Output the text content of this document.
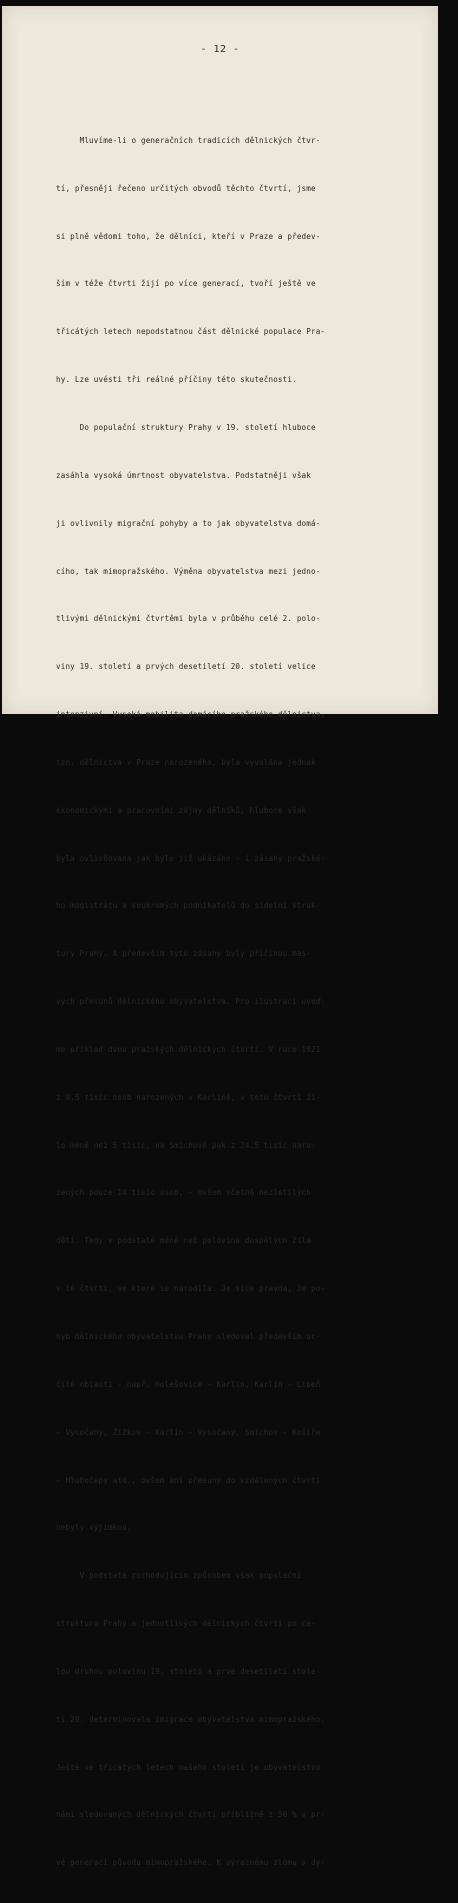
- 12 -

Mluvíme-li o generačních tradicích dělnických čtvr-

tí, přesněji řečeno určitých obvodů těchto čtvrtí, jsme

si plně vědomi toho, že dělníci, kteří v Praze a předev-

ším v téže čtvrti žijí po více generací, tvoří ještě ve

třicátých letech nepodstatnou část dělnické populace Pra-

hy. Lze uvésti tři reálné příčiny této skutečnosti.

Do populační struktury Prahy v 19. století hluboce

zasáhla vysoká úmrtnost obyvatelstva. Podstatněji však

ji ovlivnily migrační pohyby a to jak obyvatelstva domá-

cího, tak mimopražského. Výměna obyvatelstva mezi jedno-

tlivými dělnickými čtvrtěmi byla v průběhu celé 2. polo-

viny 19. století a prvých desetiletí 20. století velice

intenzivní. Vysoká mobilita domácího pražského dělnictva,

tzn. dělnictva v Praze narozeného, byla vyvolána jednak

ekonomickými a pracovními zájmy dělníků, hluboce však

byla ovlivňována jak bylo již ukázáno - i zásahy pražské-

ho magistrátu a soukromých podnikatelů do sídelní struk-

tury Prahy. A především tyto zásahy byly příčinou mas-

vých přesunů dělnického obyvatelstva. Pro ilustraci uveď-

me příklad dvou pražských dělnických čtvrtí. V roce 1921

z 9,5 tisíc osob narozených v Karlíně, v této čtvrti ži-

lo méně než 5 tisíc, na Smíchově pak z 24,5 tisíc naro-

zených pouze 14 tisíc osob, - ovšem včetně nezletilých

dětí. Tedy v podstatě méně než polovina dospělých žila

v té čtvrti, ve které se narodila. Je sice pravda, že po-

hyb dělnického obyvatelstva Prahy sledoval především ur-

čité oblasti - např. Holešovice - Karlín, Karlín - Libeň

- Vysočany, Žižkov - Karlín - Vysočany, Smíchov - Košíře

- Hlubočepy atd., ovšem ani přesuny do vzdálených čtvrtí

nebyly výjimkou.

V podstatě rozhodujícím způsobem však populační

strukturu Prahy a jednotlivých dělnických čtvrtí po ce-

lou druhou polovinu 19. století a prvé desetiletí stole-

tí 20. determinovala imigrace obyvatelstva mimopražského.

Ještě ve třicátých letech našeho století je obyvatelstvo

námi sledovaných dělnických čtvrtí přibližně z 50 % v pr-

vé generaci původu mimopražského. K výraznému zlomu v dy-
